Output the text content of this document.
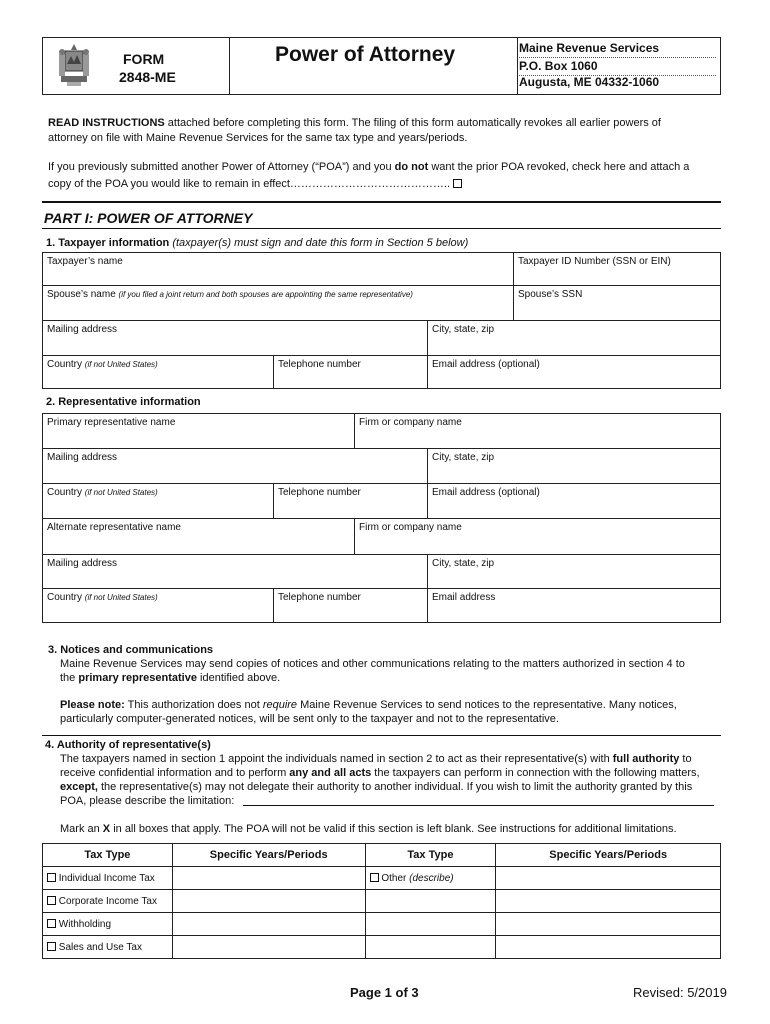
FORM
2848-ME
Power of Attorney	Maine Revenue Services
P.O. Box 1060
Augusta, ME 04332-1060
READ INSTRUCTIONS attached before completing this form. The filing of this form automatically revokes all earlier powers of
attorney on file with Maine Revenue Services for the same tax type and years/periods.
If you previously submitted another Power of Attorney (“POA”) and you do not want the prior POA revoked, check here and attach a
copy of the POA you would like to remain in effect……………………………………..
PART I: POWER OF ATTORNEY
1. Taxpayer information (taxpayer(s) must sign and date this form in Section 5 below)
Taxpayer’s name	Taxpayer ID Number (SSN or EIN)
Spouse’s name (if you filed a joint return and both spouses are appointing the same representative)	Spouse’s SSN
Mailing address	City, state, zip
Country (if not United States)	Telephone number	Email address (optional)
2. Representative information
Primary representative name	Firm or company name
Mailing address	City, state, zip
Country (if not United States)	Telephone number	Email address (optional)
Alternate representative name	Firm or company name
Mailing address	City, state, zip
Country (if not United States)	Telephone number	Email address
3. Notices and communications
Maine Revenue Services may send copies of notices and other communications relating to the matters authorized in section 4 to
the primary representative identified above.
Please note: This authorization does not require Maine Revenue Services to send notices to the representative. Many notices,
particularly computer-generated notices, will be sent only to the taxpayer and not to the representative.
4. Authority of representative(s)
The taxpayers named in section 1 appoint the individuals named in section 2 to act as their representative(s) with full authority to
receive confidential information and to perform any and all acts the taxpayers can perform in connection with the following matters,
except, the representative(s) may not delegate their authority to another individual. If you wish to limit the authority granted by this
POA, please describe the limitation:
Mark an X in all boxes that apply. The POA will not be valid if this section is left blank. See instructions for additional limitations.
Tax Type	Specific Years/Periods	Tax Type	Specific Years/Periods
Individual Income Tax		Other (describe)	
Corporate Income Tax			
Withholding			
Sales and Use Tax			
Page 1 of 3	Revised: 5/2019
